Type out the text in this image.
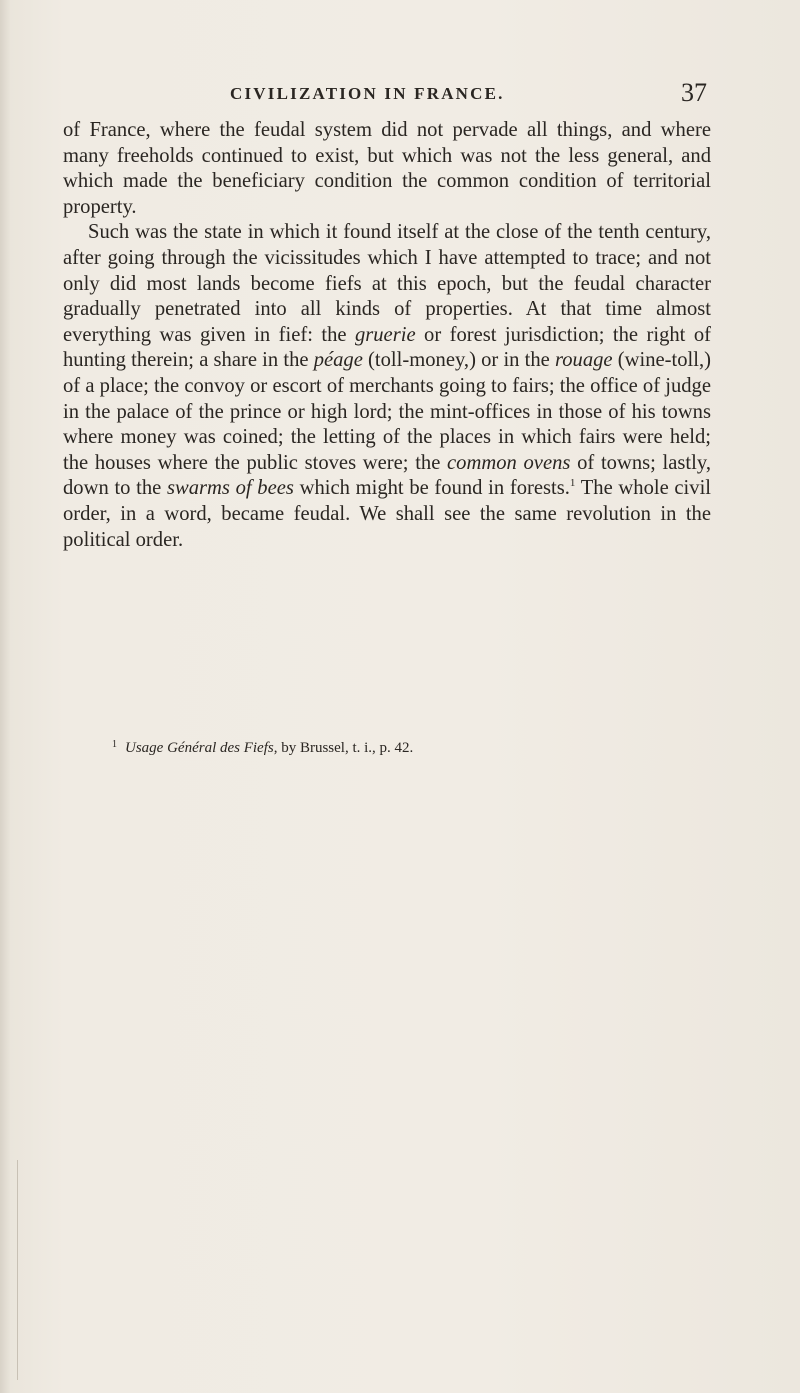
CIVILIZATION IN FRANCE.	37

of France, where the feudal system did not pervade all things, and where many freeholds continued to exist, but which was not the less general, and which made the beneficiary condition the common condition of territorial property.

Such was the state in which it found itself at the close of the tenth century, after going through the vicissitudes which I have attempted to trace; and not only did most lands become fiefs at this epoch, but the feudal character gradually penetrated into all kinds of properties. At that time almost everything was given in fief: the gruerie or forest jurisdiction; the right of hunting therein; a share in the péage (toll-money,) or in the rouage (wine-toll,) of a place; the convoy or escort of merchants going to fairs; the office of judge in the palace of the prince or high lord; the mint-offices in those of his towns where money was coined; the letting of the places in which fairs were held; the houses where the public stoves were; the common ovens of towns; lastly, down to the swarms of bees which might be found in forests.$^1$ The whole civil order, in a word, became feudal. We shall see the same revolution in the political order.

$^1$ Usage Général des Fiefs, by Brussel, t. i., p. 42.
